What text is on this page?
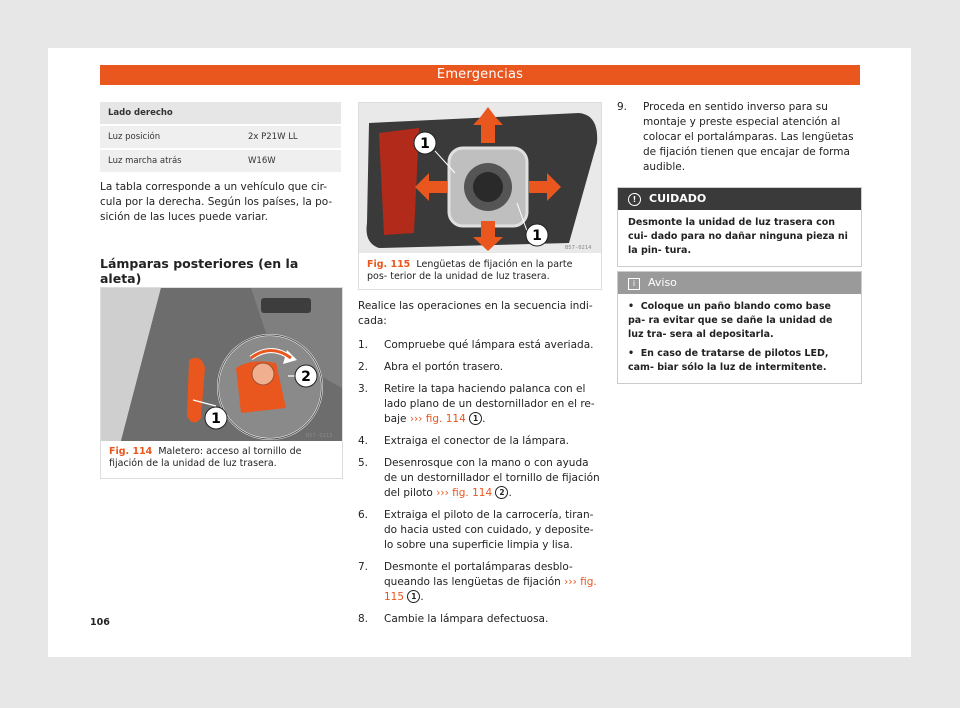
Emergencias
Lado derecho
Luz posición	2x P21W LL
Luz marcha atrás	W16W

La tabla corresponde a un vehículo que cir- cula por la derecha. Según los países, la po- sición de las luces puede variar.

Lámparas posteriores (en la aleta)
1
2
B57-0213
Fig. 114 Maletero: acceso al tornillo de fijación de la unidad de luz trasera.
1
1
B57-0214
Fig. 115 Lengüetas de fijación en la parte pos- terior de la unidad de luz trasera.

Realice las operaciones en la secuencia indi- cada:

1. Compruebe qué lámpara está averiada.
2. Abra el portón trasero.
3. Retire la tapa haciendo palanca con el lado plano de un destornillador en el re- baje ››› fig. 114 1 .
4. Extraiga el conector de la lámpara.
5. Desenrosque con la mano o con ayuda de un destornillador el tornillo de fijación del piloto ››› fig. 114 2 .
6. Extraiga el piloto de la carrocería, tiran- do hacia usted con cuidado, y deposite- lo sobre una superficie limpia y lisa.
7. Desmonte el portalámparas desblo- queando las lengüetas de fijación ››› fig. 115 1 .
8. Cambie la lámpara defectuosa.
9. Proceda en sentido inverso para su montaje y preste especial atención al colocar el portalámparas. Las lengüetas de fijación tienen que encajar de forma audible.
! CUIDADO
Desmonte la unidad de luz trasera con cui- dado para no dañar ninguna pieza ni la pin- tura.
i Aviso
•  Coloque un paño blando como base pa- ra evitar que se dañe la unidad de luz tra- sera al depositarla.
•  En caso de tratarse de pilotos LED, cam- biar sólo la luz de intermitente.
106
